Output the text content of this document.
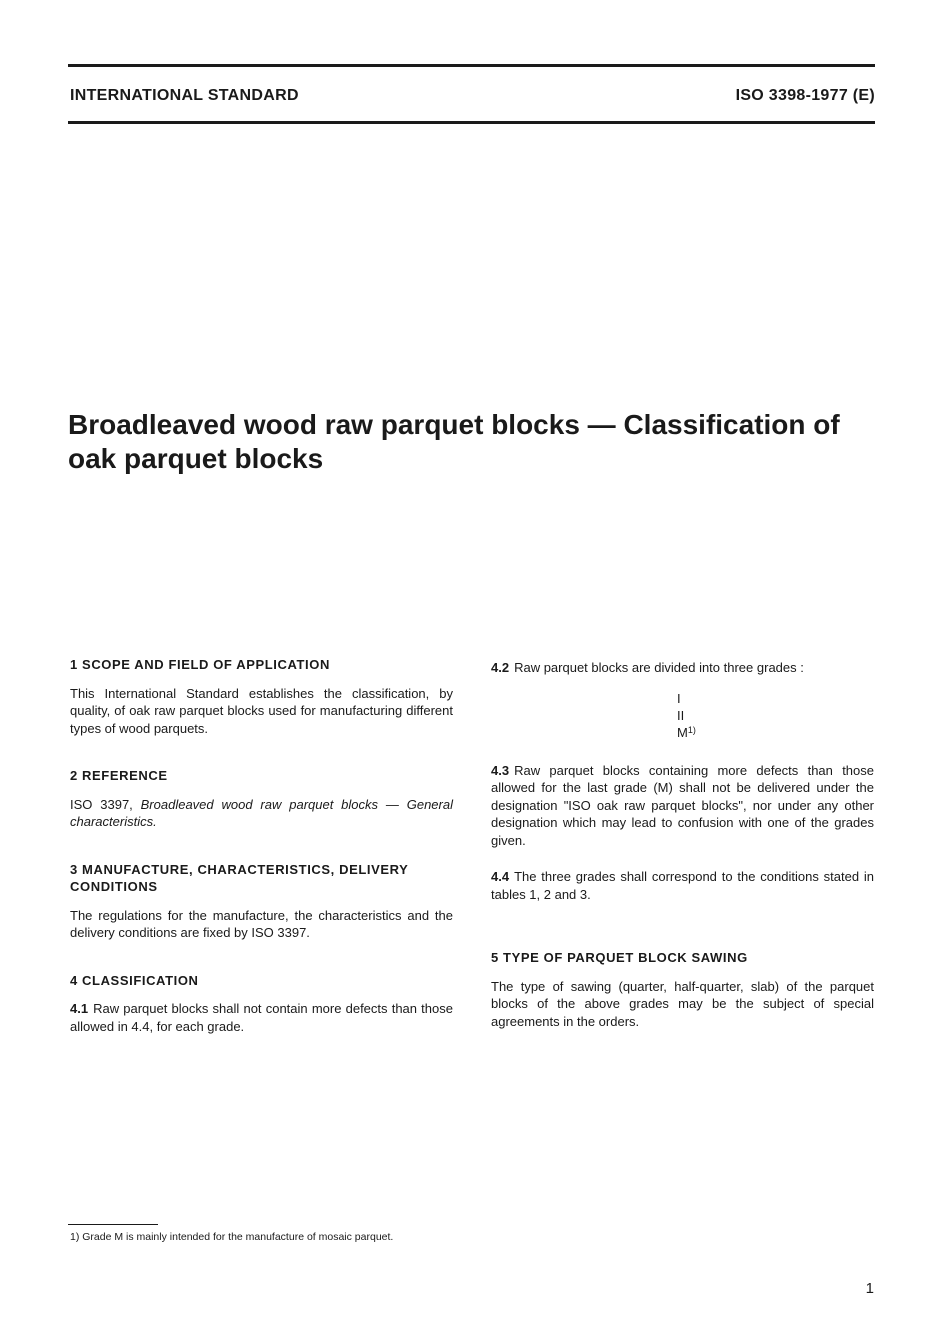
INTERNATIONAL STANDARD	ISO 3398-1977 (E)
Broadleaved wood raw parquet blocks — Classification of oak parquet blocks

1 SCOPE AND FIELD OF APPLICATION

This International Standard establishes the classification, by quality, of oak raw parquet blocks used for manufacturing different types of wood parquets.

2 REFERENCE

ISO 3397, Broadleaved wood raw parquet blocks — General characteristics.

3 MANUFACTURE, CHARACTERISTICS, DELIVERY CONDITIONS

The regulations for the manufacture, the characteristics and the delivery conditions are fixed by ISO 3397.

4 CLASSIFICATION

4.1 Raw parquet blocks shall not contain more defects than those allowed in 4.4, for each grade.

4.2 Raw parquet blocks are divided into three grades :

I
II
$M^{1)}$

4.3 Raw parquet blocks containing more defects than those allowed for the last grade (M) shall not be delivered under the designation "ISO oak raw parquet blocks", nor under any other designation which may lead to confusion with one of the grades given.

4.4 The three grades shall correspond to the conditions stated in tables 1, 2 and 3.

5 TYPE OF PARQUET BLOCK SAWING

The type of sawing (quarter, half-quarter, slab) of the parquet blocks of the above grades may be the subject of special agreements in the orders.

1) Grade M is mainly intended for the manufacture of mosaic parquet.
1
